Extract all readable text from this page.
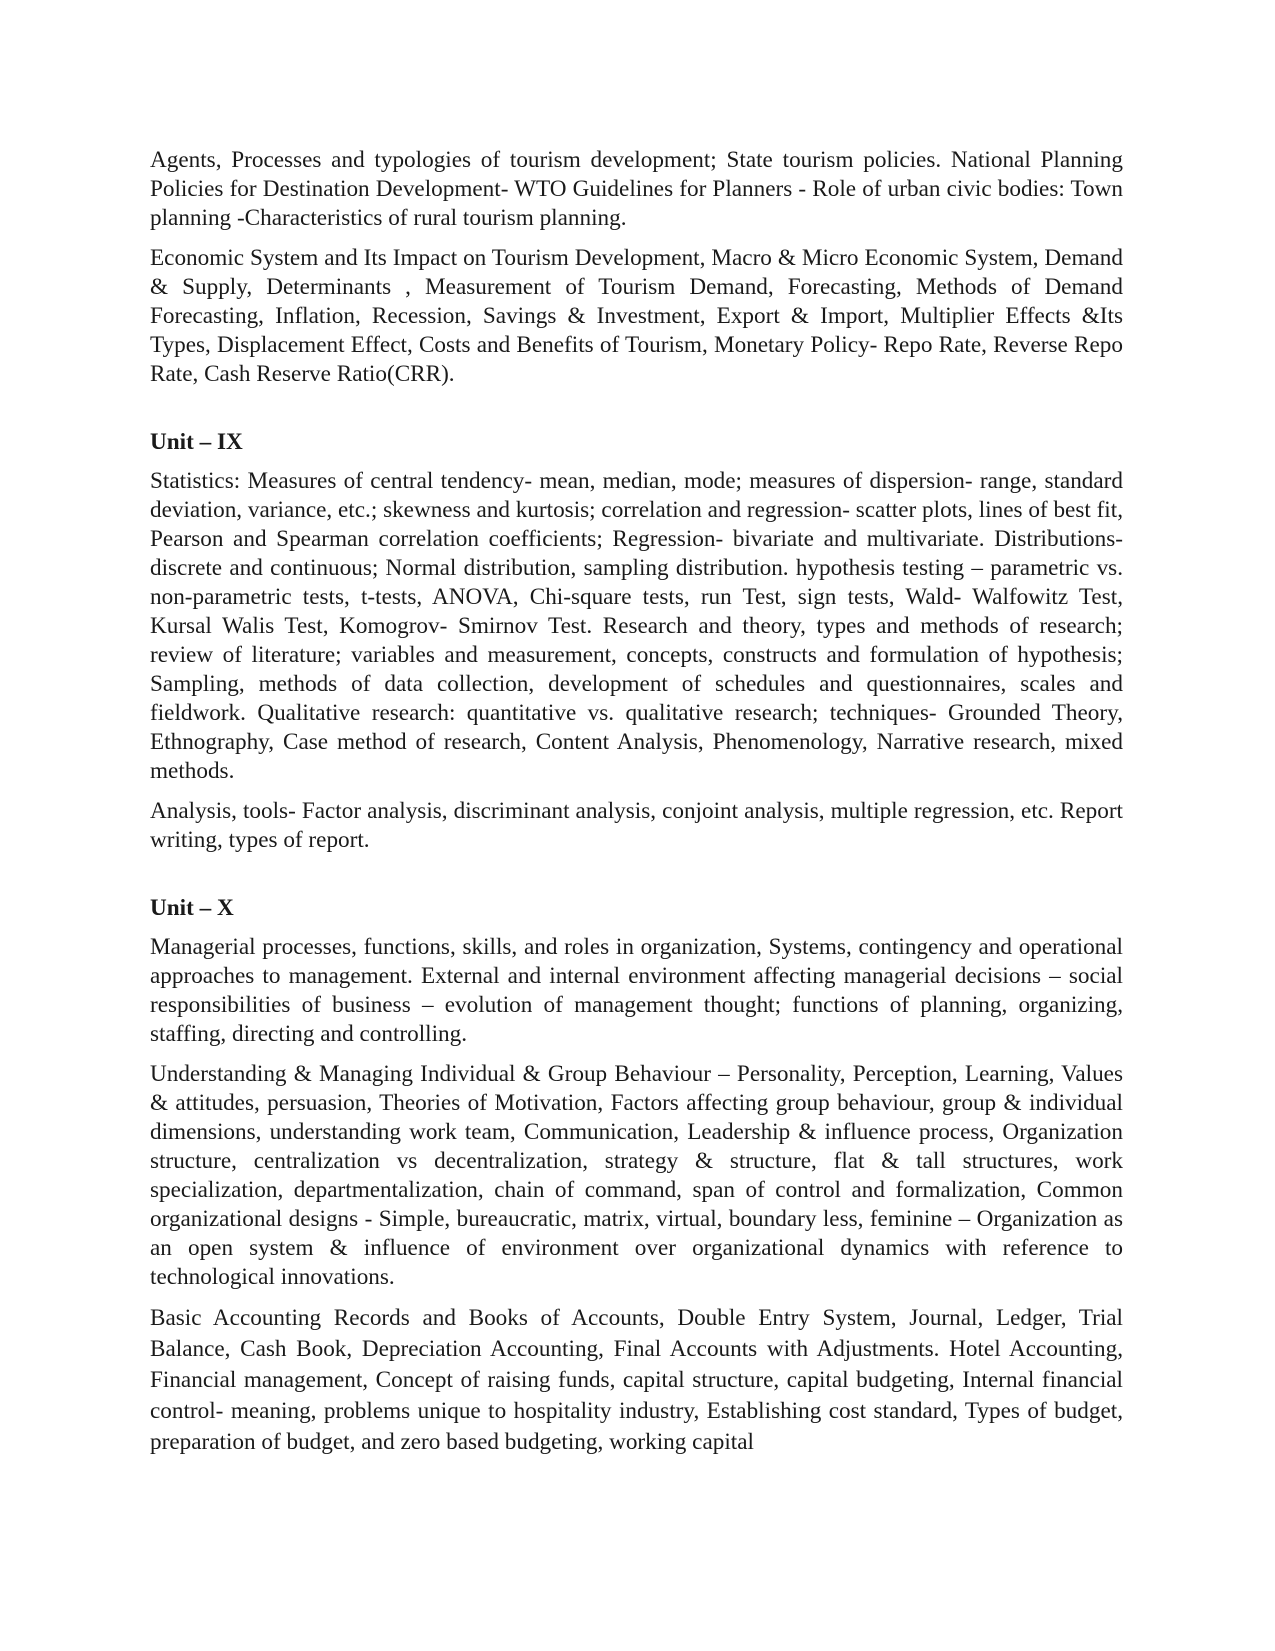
Agents, Processes and typologies of tourism development; State tourism policies. National Planning Policies for Destination Development- WTO Guidelines for Planners - Role of urban civic bodies: Town planning -Characteristics of rural tourism planning.

Economic System and Its Impact on Tourism Development, Macro & Micro Economic System, Demand & Supply, Determinants , Measurement of Tourism Demand, Forecasting, Methods of Demand Forecasting, Inflation, Recession, Savings & Investment, Export & Import, Multiplier Effects &Its Types, Displacement Effect, Costs and Benefits of Tourism, Monetary Policy- Repo Rate, Reverse Repo Rate, Cash Reserve Ratio(CRR).

Unit – IX

Statistics: Measures of central tendency- mean, median, mode; measures of dispersion- range, standard deviation, variance, etc.; skewness and kurtosis; correlation and regression- scatter plots, lines of best fit, Pearson and Spearman correlation coefficients; Regression- bivariate and multivariate. Distributions- discrete and continuous; Normal distribution, sampling distribution. hypothesis testing – parametric vs. non-parametric tests, t-tests, ANOVA, Chi-square tests, run Test, sign tests, Wald- Walfowitz Test, Kursal Walis Test, Komogrov- Smirnov Test. Research and theory, types and methods of research; review of literature; variables and measurement, concepts, constructs and formulation of hypothesis; Sampling, methods of data collection, development of schedules and questionnaires, scales and fieldwork. Qualitative research: quantitative vs. qualitative research; techniques- Grounded Theory, Ethnography, Case method of research, Content Analysis, Phenomenology, Narrative research, mixed methods.

Analysis, tools- Factor analysis, discriminant analysis, conjoint analysis, multiple regression, etc. Report writing, types of report.

Unit – X

Managerial processes, functions, skills, and roles in organization, Systems, contingency and operational approaches to management. External and internal environment affecting managerial decisions – social responsibilities of business – evolution of management thought; functions of planning, organizing, staffing, directing and controlling.

Understanding & Managing Individual & Group Behaviour – Personality, Perception, Learning, Values & attitudes, persuasion, Theories of Motivation, Factors affecting group behaviour, group & individual dimensions, understanding work team, Communication, Leadership & influence process, Organization structure, centralization vs decentralization, strategy & structure, flat & tall structures, work specialization, departmentalization, chain of command, span of control and formalization, Common organizational designs - Simple, bureaucratic, matrix, virtual, boundary less, feminine – Organization as an open system & influence of environment over organizational dynamics with reference to technological innovations.

Basic Accounting Records and Books of Accounts, Double Entry System, Journal, Ledger, Trial Balance, Cash Book, Depreciation Accounting, Final Accounts with Adjustments. Hotel Accounting, Financial management, Concept of raising funds, capital structure, capital budgeting, Internal financial control- meaning, problems unique to hospitality industry, Establishing cost standard, Types of budget, preparation of budget, and zero based budgeting, working capital
